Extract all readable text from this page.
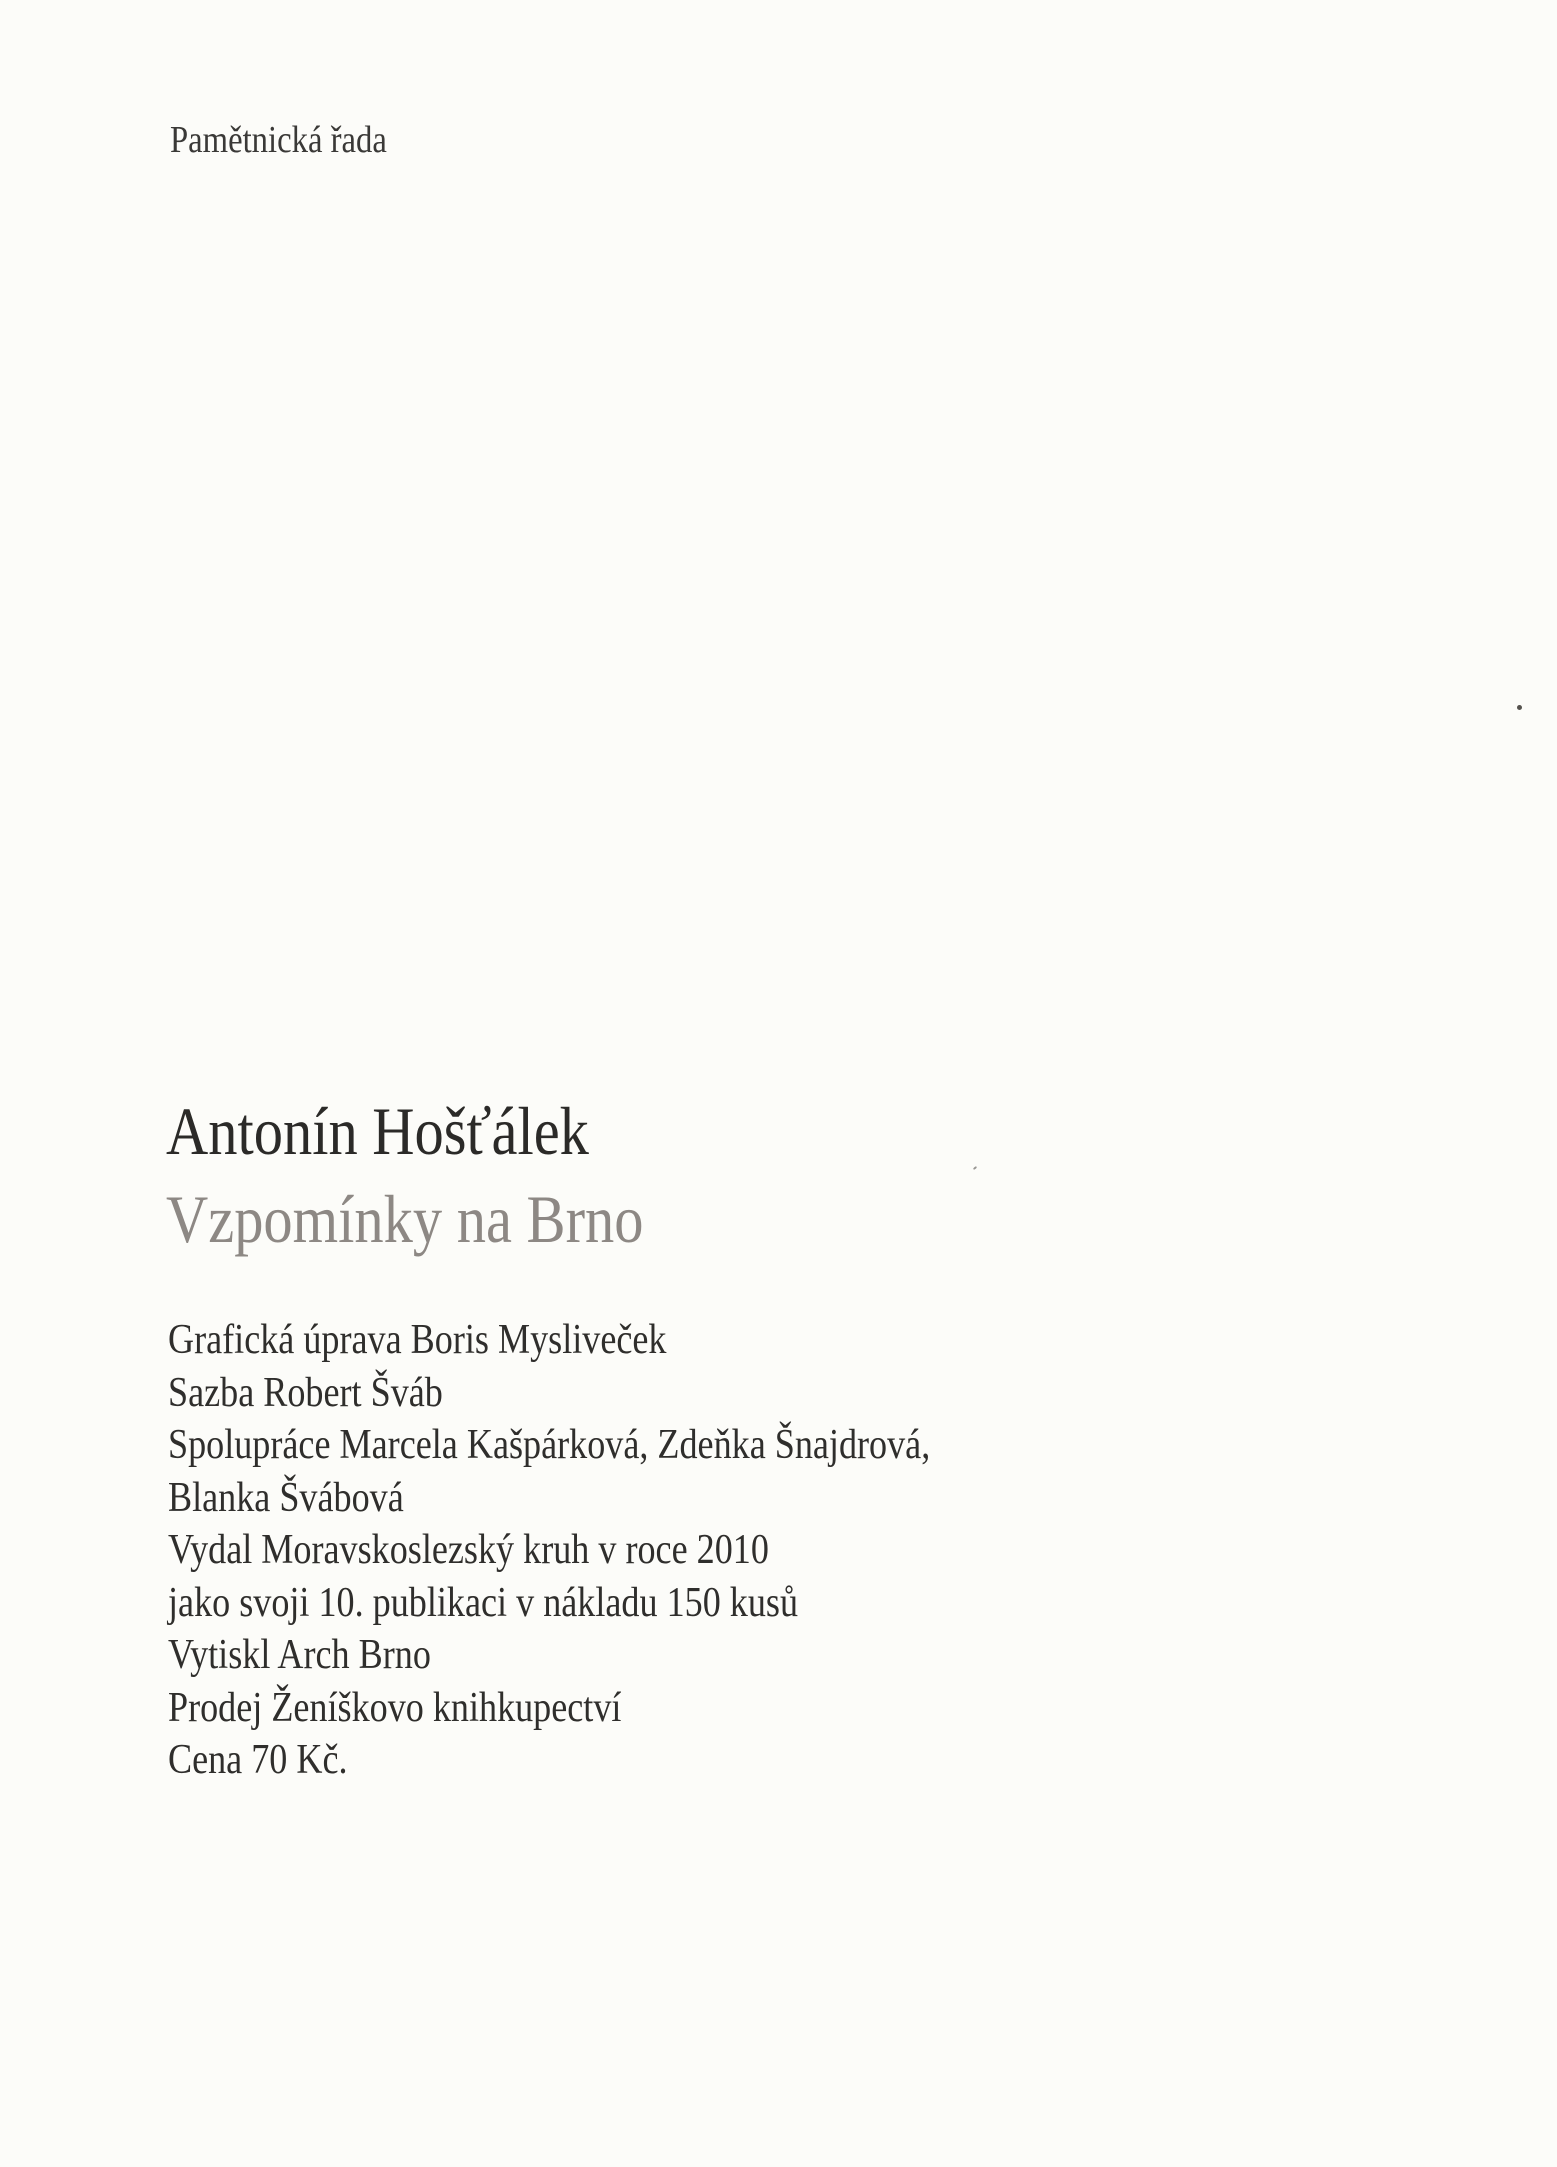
Pamětnická řada
Antonín Hošťálek
Vzpomínky na Brno
Grafická úprava Boris Mysliveček
Sazba Robert Šváb
Spolupráce Marcela Kašpárková, Zdeňka Šnajdrová,
Blanka Švábová
Vydal Moravskoslezský kruh v roce 2010
jako svoji 10. publikaci v nákladu 150 kusů
Vytiskl Arch Brno
Prodej Ženíškovo knihkupectví
Cena 70 Kč.
